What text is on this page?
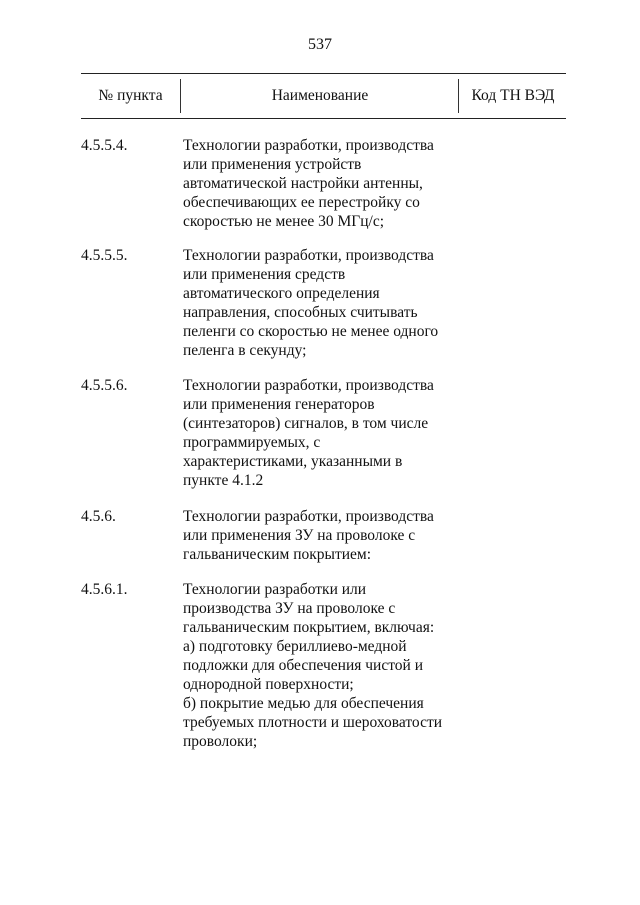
537
№ пункта	Наименование	Код ТН ВЭД
4.5.5.4.	Технологии разработки, производства
или применения устройств
автоматической настройки антенны,
обеспечивающих ее перестройку со
скоростью не менее 30 МГц/с;
4.5.5.5.	Технологии разработки, производства
или применения средств
автоматического определения
направления, способных считывать
пеленги со скоростью не менее одного
пеленга в секунду;
4.5.5.6.	Технологии разработки, производства
или применения генераторов
(синтезаторов) сигналов, в том числе
программируемых, с
характеристиками, указанными в
пункте 4.1.2
4.5.6.	Технологии разработки, производства
или применения ЗУ на проволоке с
гальваническим покрытием:
4.5.6.1.	Технологии разработки или
производства ЗУ на проволоке с
гальваническим покрытием, включая:
а) подготовку бериллиево-медной
подложки для обеспечения чистой и
однородной поверхности;
б) покрытие медью для обеспечения
требуемых плотности и шероховатости
проволоки;
